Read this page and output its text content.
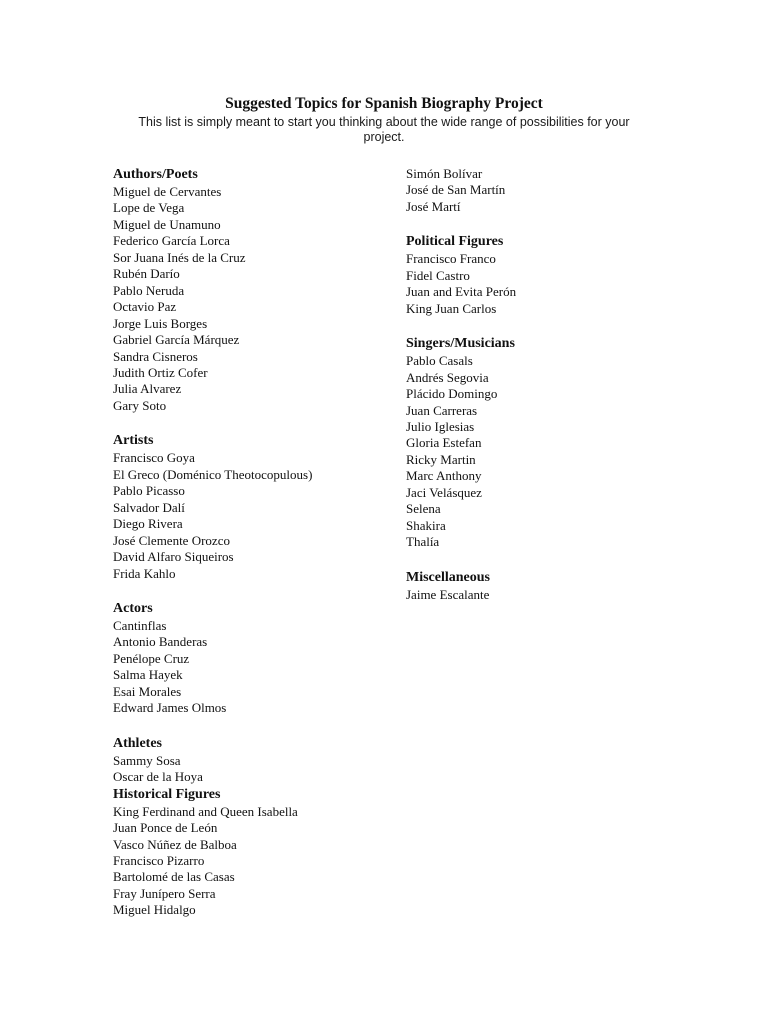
Suggested Topics for Spanish Biography Project
This list is simply meant to start you thinking about the wide range of possibilities for your project.
Authors/Poets
Miguel de Cervantes
Lope de Vega
Miguel de Unamuno
Federico García Lorca
Sor Juana Inés de la Cruz
Rubén Darío
Pablo Neruda
Octavio Paz
Jorge Luis Borges
Gabriel García Márquez
Sandra Cisneros
Judith Ortiz Cofer
Julia Alvarez
Gary Soto
Artists
Francisco Goya
El Greco (Doménico Theotocopulous)
Pablo Picasso
Salvador Dalí
Diego Rivera
José Clemente Orozco
David Alfaro Siqueiros
Frida Kahlo
Actors
Cantinflas
Antonio Banderas
Penélope Cruz
Salma Hayek
Esai Morales
Edward James Olmos
Athletes
Sammy Sosa
Oscar de la Hoya
Historical Figures
King Ferdinand and Queen Isabella
Juan Ponce de León
Vasco Núñez de Balboa
Francisco Pizarro
Bartolomé de las Casas
Fray Junípero Serra
Miguel Hidalgo
Simón Bolívar
José de San Martín
José Martí
Political Figures
Francisco Franco
Fidel Castro
Juan and Evita Perón
King Juan Carlos
Singers/Musicians
Pablo Casals
Andrés Segovia
Plácido Domingo
Juan Carreras
Julio Iglesias
Gloria Estefan
Ricky Martin
Marc Anthony
Jaci Velásquez
Selena
Shakira
Thalía
Miscellaneous
Jaime Escalante
